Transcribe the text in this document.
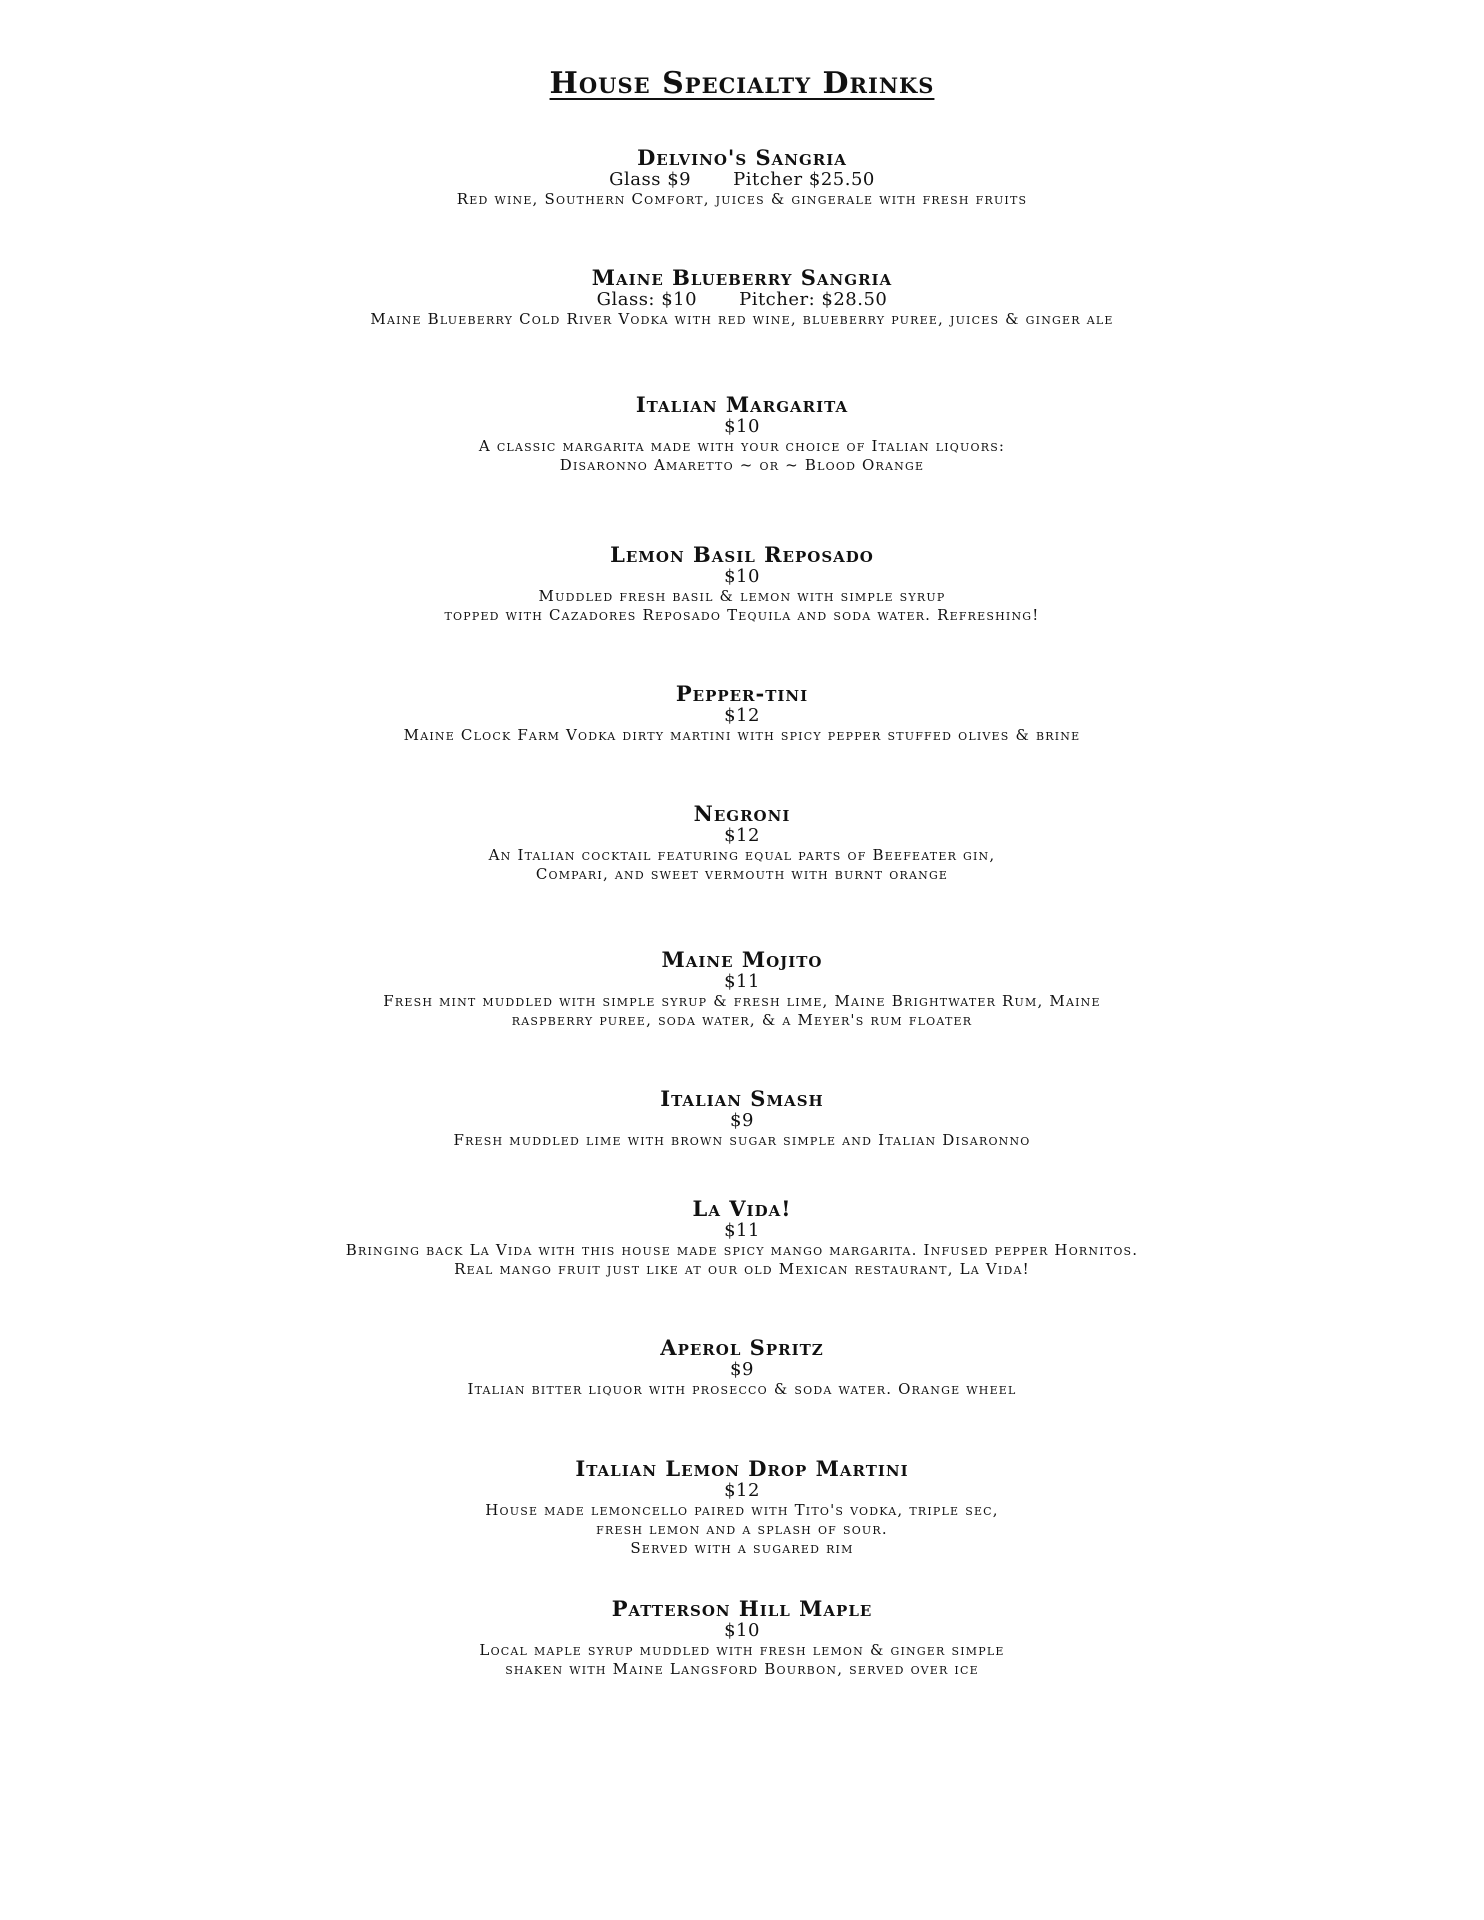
House Specialty Drinks
Delvino's Sangria
Glass $9 Pitcher $25.50
Red wine, Southern Comfort, juices & gingerale with fresh fruits
Maine Blueberry Sangria
Glass: $10 Pitcher: $28.50
Maine Blueberry Cold River Vodka with red wine, blueberry puree, juices & ginger ale
Italian Margarita
$10
A classic margarita made with your choice of Italian liquors:
Disaronno Amaretto ~ or ~ Blood Orange
Lemon Basil Reposado
$10
Muddled fresh basil & lemon with simple syrup
topped with Cazadores Reposado Tequila and soda water. Refreshing!
Pepper-tini
$12
Maine Clock Farm Vodka dirty martini with spicy pepper stuffed olives & brine
Negroni
$12
An Italian cocktail featuring equal parts of Beefeater gin,
Compari, and sweet vermouth with burnt orange
Maine Mojito
$11
Fresh mint muddled with simple syrup & fresh lime, Maine Brightwater Rum, Maine
raspberry puree, soda water, & a Meyer's rum floater
Italian Smash
$9
Fresh muddled lime with brown sugar simple and Italian Disaronno
La Vida!
$11
Bringing back La Vida with this house made spicy mango margarita. Infused pepper Hornitos.
Real mango fruit just like at our old Mexican restaurant, La Vida!
Aperol Spritz
$9
Italian bitter liquor with prosecco & soda water. Orange wheel
Italian Lemon Drop Martini
$12
House made lemoncello paired with Tito's vodka, triple sec,
fresh lemon and a splash of sour.
Served with a sugared rim
Patterson Hill Maple
$10
Local maple syrup muddled with fresh lemon & ginger simple
shaken with Maine Langsford Bourbon, served over ice
